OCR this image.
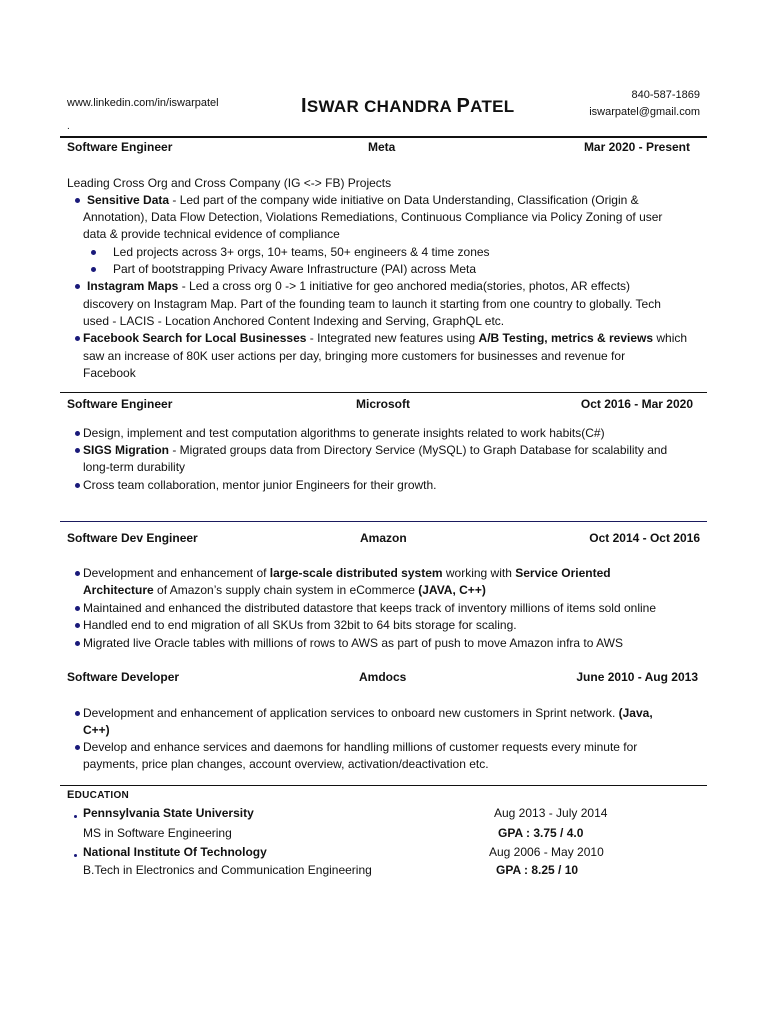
www.linkedin.com/in/iswarpatel
.
ISWAR CHANDRA PATEL
840-587-1869
iswarpatel@gmail.com
Software Engineer	Meta	Mar 2020 - Present
Leading Cross Org and Cross Company (IG <-> FB) Projects
Sensitive Data - Led part of the company wide initiative on Data Understanding, Classification (Origin &
Annotation), Data Flow Detection, Violations Remediations, Continuous Compliance via Policy Zoning of user
data & provide technical evidence of compliance
Led projects across 3+ orgs, 10+ teams, 50+ engineers & 4 time zones
Part of bootstrapping Privacy Aware Infrastructure (PAI) across Meta
Instagram Maps - Led a cross org 0 -> 1 initiative for geo anchored media(stories, photos, AR effects)
discovery on Instagram Map. Part of the founding team to launch it starting from one country to globally. Tech
used - LACIS - Location Anchored Content Indexing and Serving, GraphQL etc.
Facebook Search for Local Businesses - Integrated new features using A/B Testing, metrics & reviews which
saw an increase of 80K user actions per day, bringing more customers for businesses and revenue for
Facebook
Software Engineer	Microsoft	Oct 2016 - Mar 2020
Design, implement and test computation algorithms to generate insights related to work habits(C#)
SIGS Migration - Migrated groups data from Directory Service (MySQL) to Graph Database for scalability and
long-term durability
Cross team collaboration, mentor junior Engineers for their growth.
Software Dev Engineer	Amazon	Oct 2014 - Oct 2016
Development and enhancement of large-scale distributed system working with Service Oriented
Architecture of Amazon’s supply chain system in eCommerce (JAVA, C++)
Maintained and enhanced the distributed datastore that keeps track of inventory millions of items sold online
Handled end to end migration of all SKUs from 32bit to 64 bits storage for scaling.
Migrated live Oracle tables with millions of rows to AWS as part of push to move Amazon infra to AWS
Software Developer	Amdocs	June 2010 - Aug 2013
Development and enhancement of application services to onboard new customers in Sprint network. (Java,
C++)
Develop and enhance services and daemons for handling millions of customer requests every minute for
payments, price plan changes, account overview, activation/deactivation etc.
EDUCATION
Pennsylvania State University	Aug 2013 - July 2014
MS in Software Engineering	GPA : 3.75 / 4.0
National Institute Of Technology	Aug 2006 - May 2010
B.Tech in Electronics and Communication Engineering	GPA : 8.25 / 10
